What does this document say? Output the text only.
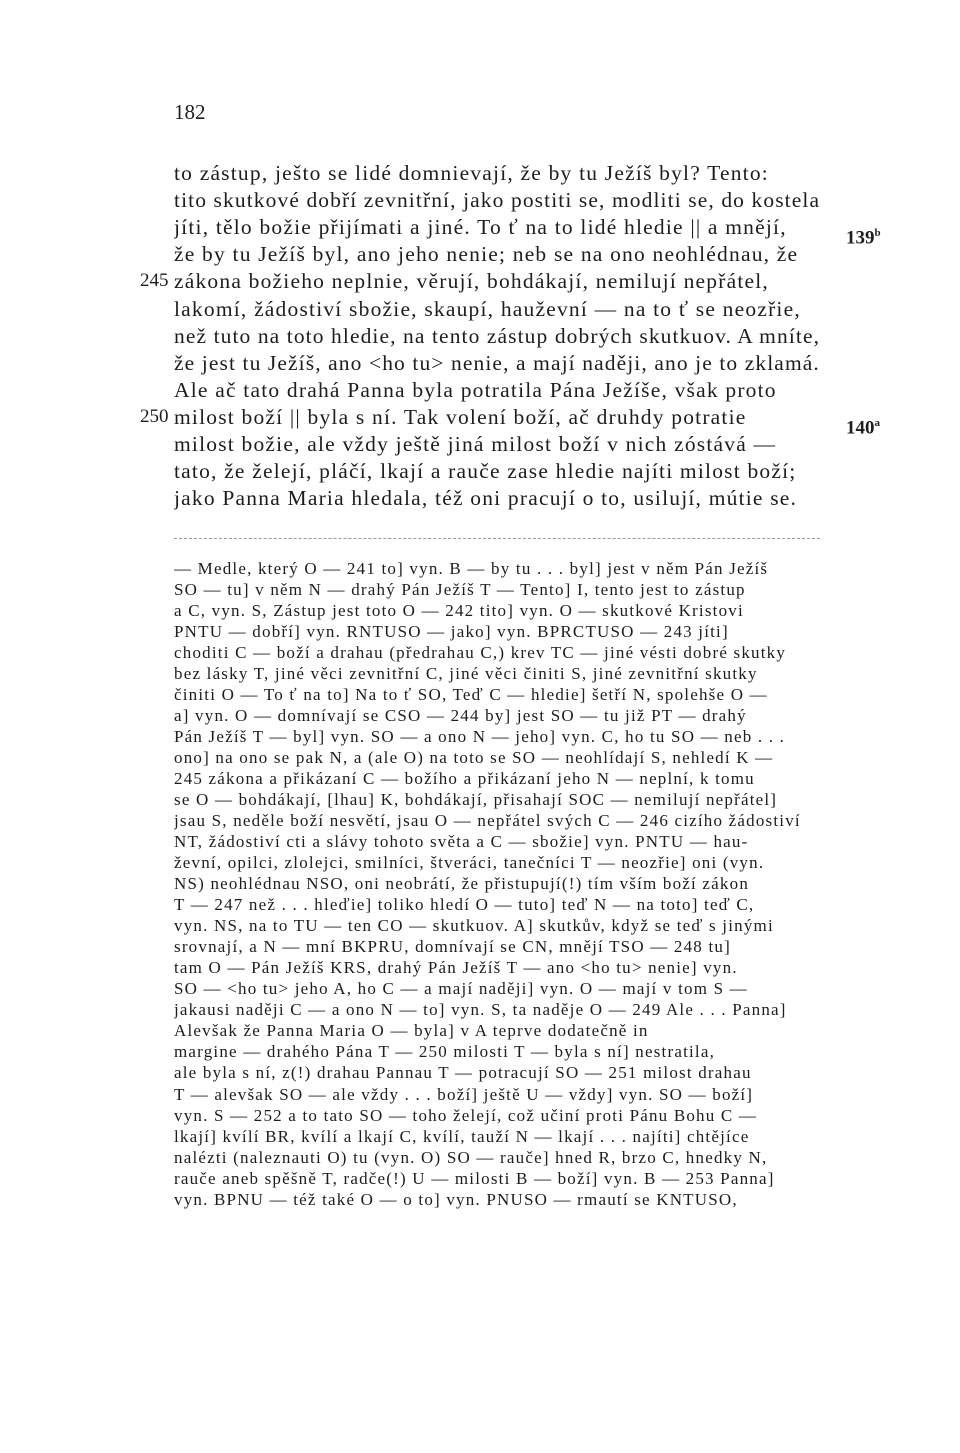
182
to zástup, ješto se lidé domnievají, že by tu Ježíš byl? Tento:
tito skutkové dobří zevnitřní, jako postiti se, modliti se, do kostela
jíti, tělo božie přijímati a jiné. To ť na to lidé hledie || a mnějí,
že by tu Ježíš byl, ano jeho nenie; neb se na ono neohlédnau, že
zákona božieho neplnie, věrují, bohdákají, nemilují nepřátel,
lakomí, žádostiví sbožie, skaupí, hauževní — na to ť se neozřie,
než tuto na toto hledie, na tento zástup dobrých skutkuov. A mníte,
že jest tu Ježíš, ano <ho tu> nenie, a mají naději, ano je to zklamá.
Ale ač tato drahá Panna byla potratila Pána Ježíše, však proto
milost boží || byla s ní. Tak volení boží, ač druhdy potratie
milost božie, ale vždy ještě jiná milost boží v nich zóstává —
tato, že želejí, pláčí, lkají a rauče zase hledie najíti milost boží;
jako Panna Maria hledala, též oni pracují o to, usilují, mútie se.
245
250
139$^b$
140$^a$
— Medle, který O — 241 to] vyn. B — by tu . . . byl] jest v něm Pán Ježíš
SO — tu] v něm N — drahý Pán Ježíš T — Tento] I, tento jest to zástup
a C, vyn. S, Zástup jest toto O — 242 tito] vyn. O — skutkové Kristovi
PNTU — dobří] vyn. RNTUSO — jako] vyn. BPRCTUSO — 243 jíti]
choditi C — boží a drahau (předrahau C,) krev TC — jiné vésti dobré skutky
bez lásky T, jiné věci zevnitřní C, jiné věci činiti S, jiné zevnitřní skutky
činiti O — To ť na to] Na to ť SO, Teď C — hledie] šetří N, spolehše O —
a] vyn. O — domnívají se CSO — 244 by] jest SO — tu již PT — drahý
Pán Ježíš T — byl] vyn. SO — a ono N — jeho] vyn. C, ho tu SO — neb . . .
ono] na ono se pak N, a (ale O) na toto se SO — neohlídají S, nehledí K —
245 zákona a přikázaní C — božího a přikázaní jeho N — neplní, k tomu
se O — bohdákají, [lhau] K, bohdákají, přisahají SOC — nemilují nepřátel]
jsau S, neděle boží nesvětí, jsau O — nepřátel svých C — 246 cizího žádostiví
NT, žádostiví cti a slávy tohoto světa a C — sbožie] vyn. PNTU — hau-
ževní, opilci, zlolejci, smilníci, štveráci, tanečníci T — neozřie] oni (vyn.
NS) neohlédnau NSO, oni neobrátí, že přistupují(!) tím vším boží zákon
T — 247 než . . . hleďie] toliko hledí O — tuto] teď N — na toto] teď C,
vyn. NS, na to TU — ten CO — skutkuov. A] skutkův, když se teď s jinými
srovnají, a N — mní BKPRU, domnívají se CN, mnějí TSO — 248 tu]
tam O — Pán Ježíš KRS, drahý Pán Ježíš T — ano <ho tu> nenie] vyn.
SO — <ho tu> jeho A, ho C — a mají naději] vyn. O — mají v tom S —
jakausi naději C — a ono N — to] vyn. S, ta naděje O — 249 Ale . . . Panna]
Alevšak že Panna Maria O — byla] v A teprve dodatečně in
margine — drahého Pána T — 250 milosti T — byla s ní] nestratila,
ale byla s ní, z(!) drahau Pannau T — potracují SO — 251 milost drahau
T — alevšak SO — ale vždy . . . boží] ještě U — vždy] vyn. SO — boží]
vyn. S — 252 a to tato SO — toho želejí, což učiní proti Pánu Bohu C —
lkají] kvílí BR, kvílí a lkají C, kvílí, tauží N — lkají . . . najíti] chtějíce
nalézti (naleznauti O) tu (vyn. O) SO — rauče] hned R, brzo C, hnedky N,
rauče aneb spěšně T, radče(!) U — milosti B — boží] vyn. B — 253 Panna]
vyn. BPNU — též také O — o to] vyn. PNUSO — rmautí se KNTUSO,
